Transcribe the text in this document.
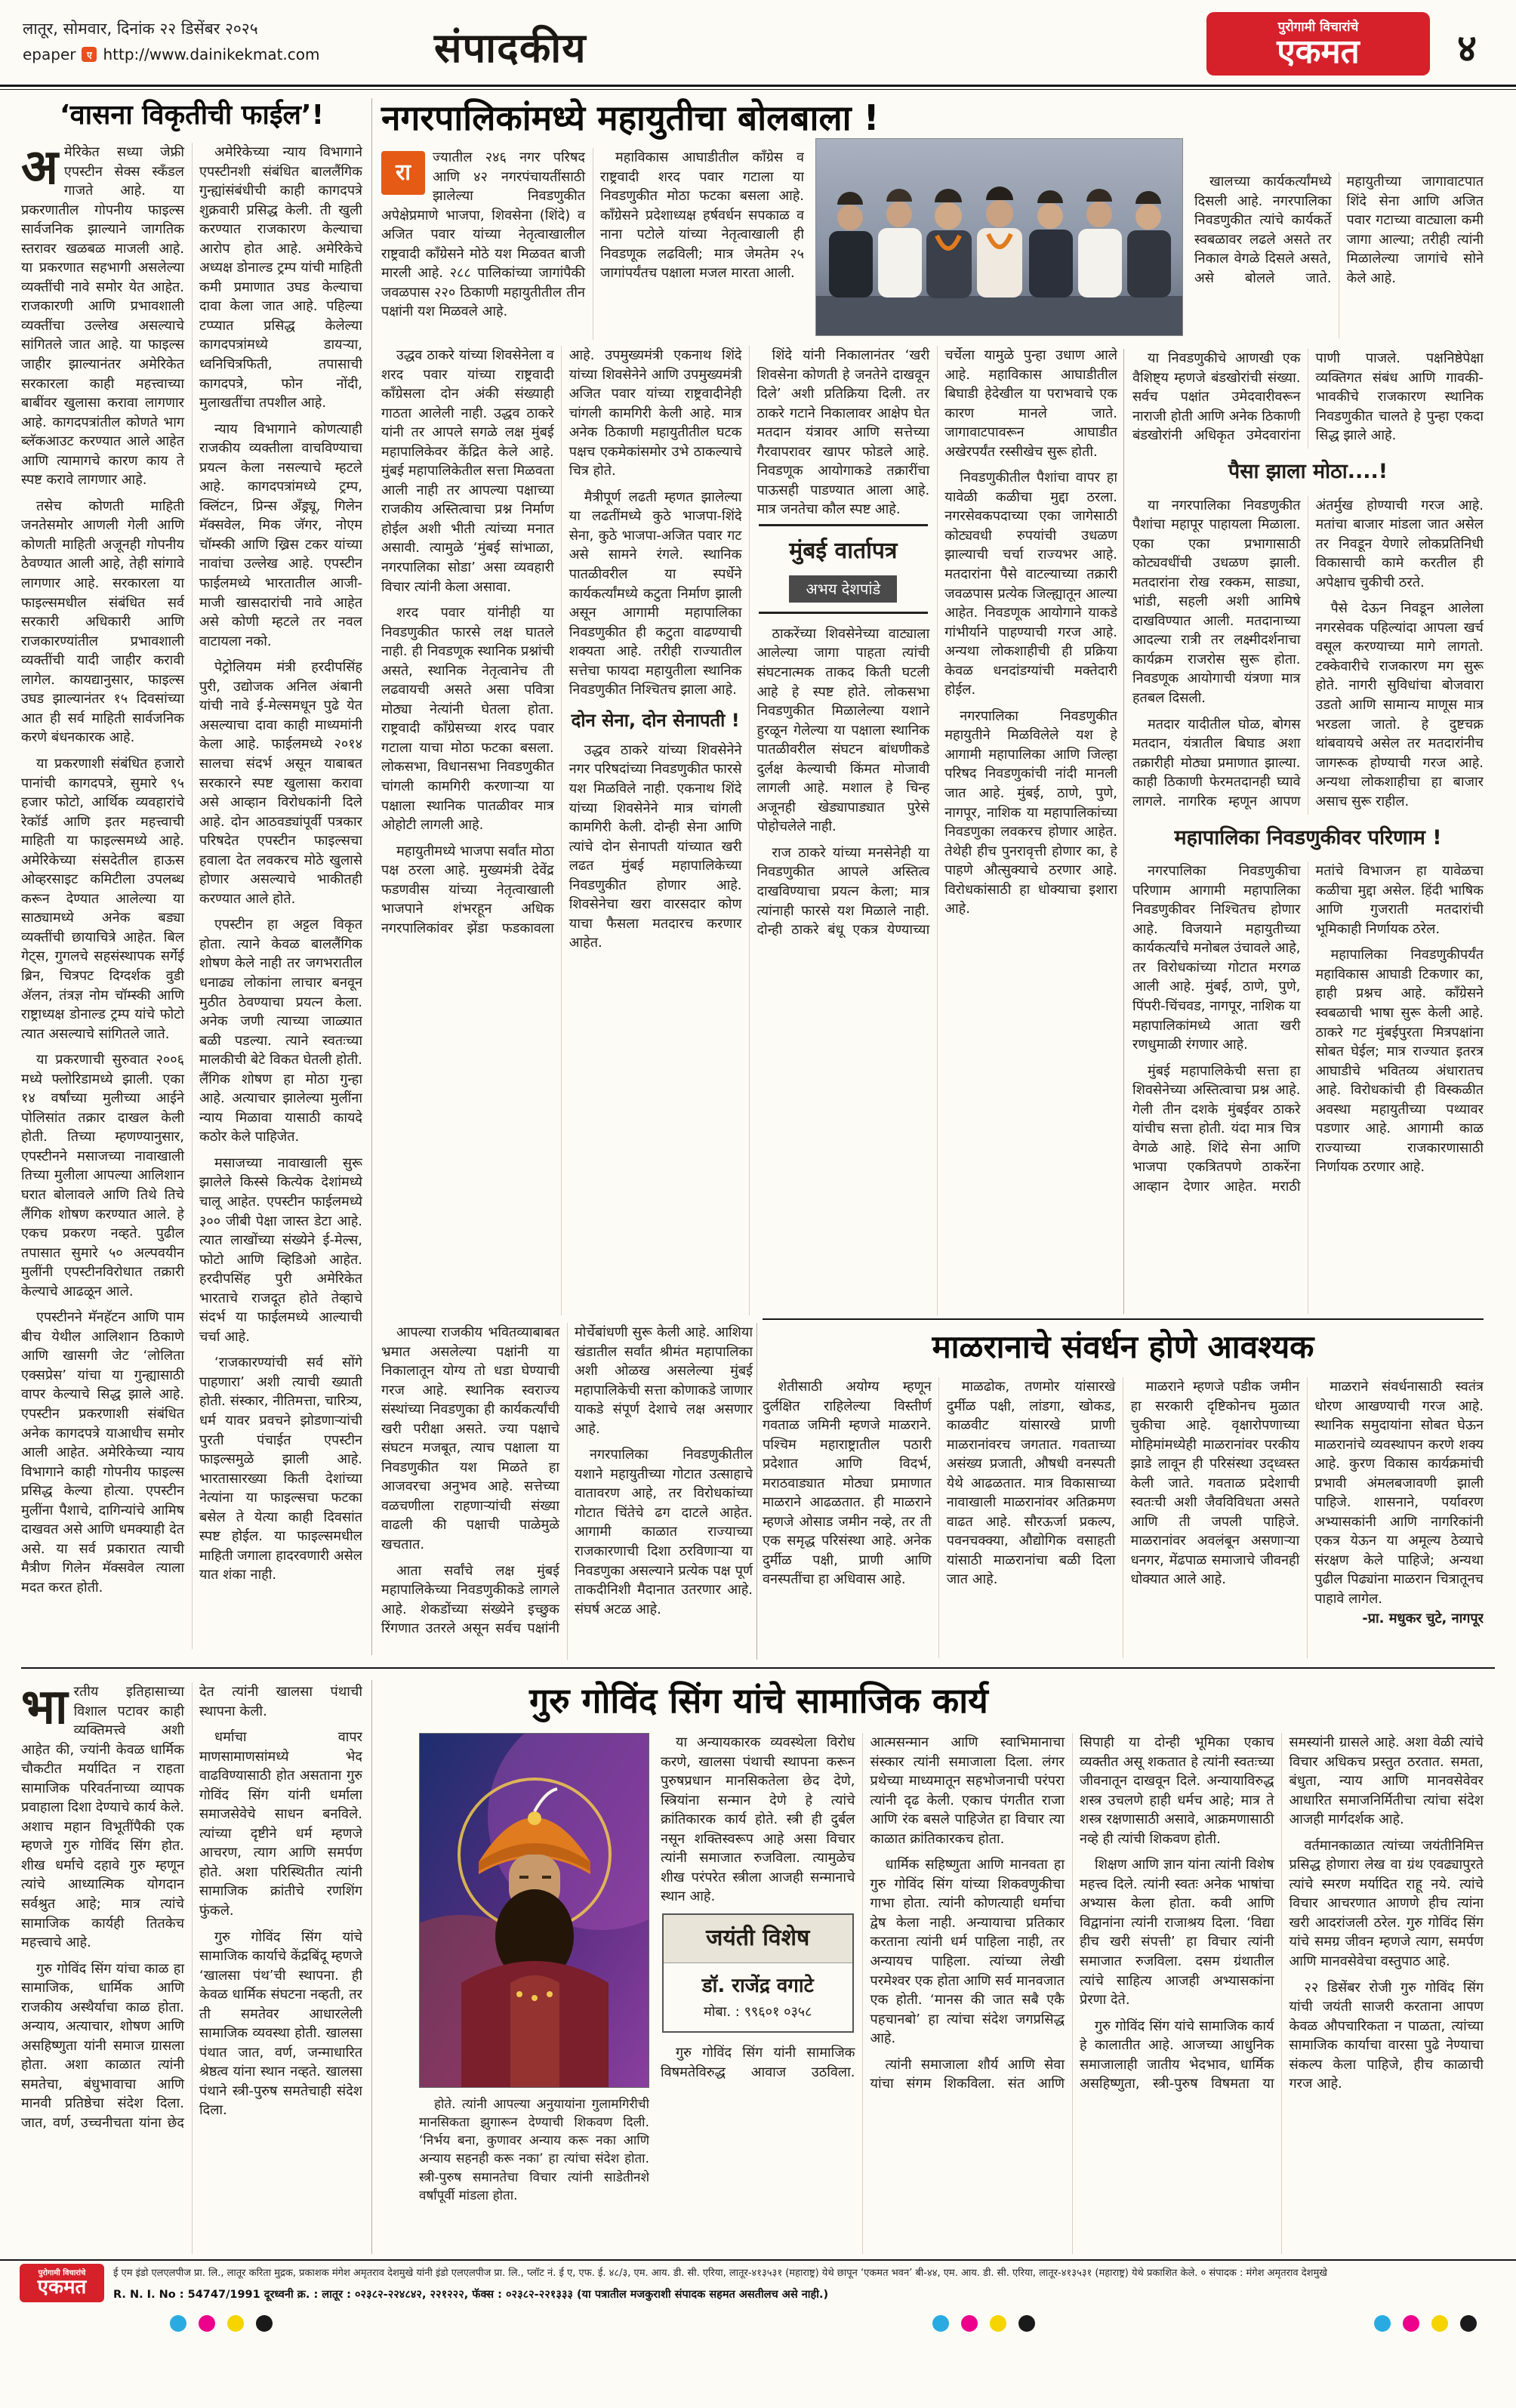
लातूर, सोमवार, दिनांक २२ डिसेंबर २०२५
epaper	ए http://www.dainikekmat.com	संपादकीय	पुरोगामी विचारांचे
एकमत	४
‘वासना विकृतीची फाईल’!

अमेरिकेत सध्या जेफ्री एपस्टीन सेक्स स्कँडल गाजते आहे. या प्रकरणातील गोपनीय फाइल्स सार्वजनिक झाल्याने जागतिक स्तरावर खळबळ माजली आहे. या प्रकरणात सहभागी असलेल्या व्यक्तींची नावे समोर येत आहेत. राजकारणी आणि प्रभावशाली व्यक्तींचा उल्लेख असल्याचे सांगितले जात आहे. या फाइल्स जाहीर झाल्यानंतर अमेरिकेत सरकारला काही महत्त्वाच्या बाबींवर खुलासा करावा लागणार आहे. कागदपत्रांतील कोणते भाग ब्लॅकआउट करण्यात आले आहेत आणि त्यामागचे कारण काय ते स्पष्ट करावे लागणार आहे.

तसेच कोणती माहिती जनतेसमोर आणली गेली आणि कोणती माहिती अजूनही गोपनीय ठेवण्यात आली आहे, तेही सांगावे लागणार आहे. सरकारला या फाइल्समधील संबंधित सर्व सरकारी अधिकारी आणि राजकारण्यांतील प्रभावशाली व्यक्तींची यादी जाहीर करावी लागेल. कायद्यानुसार, फाइल्स उघड झाल्यानंतर १५ दिवसांच्या आत ही सर्व माहिती सार्वजनिक करणे बंधनकारक आहे.

या प्रकरणाशी संबंधित हजारो पानांची कागदपत्रे, सुमारे ९५ हजार फोटो, आर्थिक व्यवहारांचे रेकॉर्ड आणि इतर महत्त्वाची माहिती या फाइल्समध्ये आहे. अमेरिकेच्या संसदेतील हाऊस ओव्हरसाइट कमिटीला उपलब्ध करून देण्यात आलेल्या या साठ्यामध्ये अनेक बड्या व्यक्तींची छायाचित्रे आहेत. बिल गेट्स, गुगलचे सहसंस्थापक सर्गेई ब्रिन, चित्रपट दिग्दर्शक वुडी अ‍ॅलन, तंत्रज्ञ नोम चॉम्स्की आणि राष्ट्राध्यक्ष डोनाल्ड ट्रम्प यांचे फोटो त्यात असल्याचे सांगितले जाते.

या प्रकरणाची सुरुवात २००६ मध्ये फ्लोरिडामध्ये झाली. एका १४ वर्षांच्या मुलीच्या आईने पोलिसांत तक्रार दाखल केली होती. तिच्या म्हणण्यानुसार, एपस्टीनने मसाजच्या नावाखाली तिच्या मुलीला आपल्या आलिशान घरात बोलावले आणि तिथे तिचे लैंगिक शोषण करण्यात आले. हे एकच प्रकरण नव्हते. पुढील तपासात सुमारे ५० अल्पवयीन मुलींनी एपस्टीनविरोधात तक्रारी केल्याचे आढळून आले.

एपस्टीनने मॅनहॅटन आणि पाम बीच येथील आलिशान ठिकाणे आणि खासगी जेट ‘लोलिता एक्सप्रेस’ यांचा या गुन्ह्यासाठी वापर केल्याचे सिद्ध झाले आहे. एपस्टीन प्रकरणाशी संबंधित अनेक कागदपत्रे याआधीच समोर आली आहेत. अमेरिकेच्या न्याय विभागाने काही गोपनीय फाइल्स प्रसिद्ध केल्या होत्या. एपस्टीन मुलींना पैशाचे, दागिन्यांचे आमिष दाखवत असे आणि धमक्याही देत असे. या सर्व प्रकारात त्याची मैत्रीण गिलेन मॅक्सवेल त्याला मदत करत होती.

अमेरिकेच्या न्याय विभागाने एपस्टीनशी संबंधित बाललैंगिक गुन्ह्यांसंबंधीची काही कागदपत्रे शुक्रवारी प्रसिद्ध केली. ती खुली करण्यात राजकारण केल्याचा आरोप होत आहे. अमेरिकेचे अध्यक्ष डोनाल्ड ट्रम्प यांची माहिती कमी प्रमाणात उघड केल्याचा दावा केला जात आहे. पहिल्या टप्प्यात प्रसिद्ध केलेल्या कागदपत्रांमध्ये डायऱ्या, ध्वनिचित्रफिती, तपासाची कागदपत्रे, फोन नोंदी, मुलाखतींचा तपशील आहे.

न्याय विभागाने कोणत्याही राजकीय व्यक्तीला वाचविण्याचा प्रयत्न केला नसल्याचे म्हटले आहे. कागदपत्रांमध्ये ट्रम्प, क्लिंटन, प्रिन्स अँड्र्यू, गिलेन मॅक्सवेल, मिक जॅगर, नोएम चॉम्स्की आणि ख्रिस टकर यांच्या नावांचा उल्लेख आहे. एपस्टीन फाईलमध्ये भारतातील आजी-माजी खासदारांची नावे आहेत असे कोणी म्हटले तर नवल वाटायला नको.

पेट्रोलियम मंत्री हरदीपसिंह पुरी, उद्योजक अनिल अंबानी यांची नावे ई-मेल्समधून पुढे येत असल्याचा दावा काही माध्यमांनी केला आहे. फाईलमध्ये २०१४ सालचा संदर्भ असून याबाबत सरकारने स्पष्ट खुलासा करावा असे आव्हान विरोधकांनी दिले आहे. दोन आठवड्यांपूर्वी पत्रकार परिषदेत एपस्टीन फाइल्सचा हवाला देत लवकरच मोठे खुलासे होणार असल्याचे भाकीतही करण्यात आले होते.

एपस्टीन हा अट्टल विकृत होता. त्याने केवळ बाललैंगिक शोषण केले नाही तर जगभरातील धनाढ्य लोकांना लाचार बनवून मुठीत ठेवण्याचा प्रयत्न केला. अनेक जणी त्याच्या जाळ्यात बळी पडल्या. त्याने स्वतःच्या मालकीची बेटे विकत घेतली होती. लैंगिक शोषण हा मोठा गुन्हा आहे. अत्याचार झालेल्या मुलींना न्याय मिळावा यासाठी कायदे कठोर केले पाहिजेत.

मसाजच्या नावाखाली सुरू झालेले किस्से कित्येक देशांमध्ये चालू आहेत. एपस्टीन फाईलमध्ये ३०० जीबी पेक्षा जास्त डेटा आहे. त्यात लाखोंच्या संख्येने ई-मेल्स, फोटो आणि व्हिडिओ आहेत. हरदीपसिंह पुरी अमेरिकेत भारताचे राजदूत होते तेव्हाचे संदर्भ या फाईलमध्ये आल्याची चर्चा आहे.

‘राजकारण्यांची सर्व सोंगे पाहणारा’ अशी त्याची ख्याती होती. संस्कार, नीतिमत्ता, चारित्र्य, धर्म यावर प्रवचने झोडणाऱ्यांची पुरती पंचाईत एपस्टीन फाइल्समुळे झाली आहे. भारतासारख्या किती देशांच्या नेत्यांना या फाइल्सचा फटका बसेल ते येत्या काही दिवसांत स्पष्ट होईल. या फाइल्समधील माहिती जगाला हादरवणारी असेल यात शंका नाही.

नगरपालिकांमध्ये महायुतीचा बोलबाला !

रा
ज्यातील २४६ नगर परिषद आणि ४२ नगरपंचायतींसाठी झालेल्या निवडणुकीत अपेक्षेप्रमाणे भाजपा, शिवसेना (शिंदे) व अजित पवार यांच्या नेतृत्वाखालील राष्ट्रवादी काँग्रेसने मोठे यश मिळवत बाजी मारली आहे. २८८ पालिकांच्या जागांपैकी जवळपास २२० ठिकाणी महायुतीतील तीन पक्षांनी यश मिळवले आहे.

महाविकास आघाडीतील काँग्रेस व राष्ट्रवादी शरद पवार गटाला या निवडणुकीत मोठा फटका बसला आहे. काँग्रेसने प्रदेशाध्यक्ष हर्षवर्धन सपकाळ व नाना पटोले यांच्या नेतृत्वाखाली ही निवडणूक लढविली; मात्र जेमतेम २५ जागांपर्यंतच पक्षाला मजल मारता आली.

उद्धव ठाकरे यांच्या शिवसेनेला व शरद पवार यांच्या राष्ट्रवादी काँग्रेसला दोन अंकी संख्याही गाठता आलेली नाही. उद्धव ठाकरे यांनी तर आपले सगळे लक्ष मुंबई महापालिकेवर केंद्रित केले आहे. मुंबई महापालिकेतील सत्ता मिळवता आली नाही तर आपल्या पक्षाच्या राजकीय अस्तित्वाचा प्रश्न निर्माण होईल अशी भीती त्यांच्या मनात असावी. त्यामुळे ‘मुंबई सांभाळा, नगरपालिका सोडा’ असा व्यवहारी विचार त्यांनी केला असावा.

शरद पवार यांनीही या निवडणुकीत फारसे लक्ष घातले नाही. ही निवडणूक स्थानिक प्रश्नांची असते, स्थानिक नेतृत्वानेच ती लढवायची असते असा पवित्रा मोठ्या नेत्यांनी घेतला होता. राष्ट्रवादी काँग्रेसच्या शरद पवार गटाला याचा मोठा फटका बसला. लोकसभा, विधानसभा निवडणुकीत चांगली कामगिरी करणाऱ्या या पक्षाला स्थानिक पातळीवर मात्र ओहोटी लागली आहे.

महायुतीमध्ये भाजपा सर्वांत मोठा पक्ष ठरला आहे. मुख्यमंत्री देवेंद्र फडणवीस यांच्या नेतृत्वाखाली भाजपाने शंभरहून अधिक नगरपालिकांवर झेंडा फडकावला आहे. उपमुख्यमंत्री एकनाथ शिंदे यांच्या शिवसेनेने आणि उपमुख्यमंत्री अजित पवार यांच्या राष्ट्रवादीनेही चांगली कामगिरी केली आहे. मात्र अनेक ठिकाणी महायुतीतील घटक पक्षच एकमेकांसमोर उभे ठाकल्याचे चित्र होते.

मैत्रीपूर्ण लढती म्हणत झालेल्या या लढतींमध्ये कुठे भाजपा-शिंदे सेना, कुठे भाजपा-अजित पवार गट असे सामने रंगले. स्थानिक पातळीवरील या स्पर्धेने कार्यकर्त्यांमध्ये कटुता निर्माण झाली असून आगामी महापालिका निवडणुकीत ही कटुता वाढण्याची शक्यता आहे. तरीही राज्यातील सत्तेचा फायदा महायुतीला स्थानिक निवडणुकीत निश्चितच झाला आहे.

दोन सेना, दोन सेनापती !

उद्धव ठाकरे यांच्या शिवसेनेने नगर परिषदांच्या निवडणुकीत फारसे यश मिळविले नाही. एकनाथ शिंदे यांच्या शिवसेनेने मात्र चांगली कामगिरी केली. दोन्ही सेना आणि त्यांचे दोन सेनापती यांच्यात खरी लढत मुंबई महापालिकेच्या निवडणुकीत होणार आहे. शिवसेनेचा खरा वारसदार कोण याचा फैसला मतदारच करणार आहेत.

शिंदे यांनी निकालानंतर ‘खरी शिवसेना कोणती हे जनतेने दाखवून दिले’ अशी प्रतिक्रिया दिली. तर ठाकरे गटाने निकालावर आक्षेप घेत मतदान यंत्रावर आणि सत्तेच्या गैरवापरावर खापर फोडले आहे. निवडणूक आयोगाकडे तक्रारींचा पाऊसही पाडण्यात आला आहे. मात्र जनतेचा कौल स्पष्ट आहे.

मुंबई वार्तापत्र
अभय देशपांडे

ठाकरेंच्या शिवसेनेच्या वाट्याला आलेल्या जागा पाहता त्यांची संघटनात्मक ताकद किती घटली आहे हे स्पष्ट होते. लोकसभा निवडणुकीत मिळालेल्या यशाने हुरळून गेलेल्या या पक्षाला स्थानिक पातळीवरील संघटन बांधणीकडे दुर्लक्ष केल्याची किंमत मोजावी लागली आहे. मशाल हे चिन्ह अजूनही खेड्यापाड्यात पुरेसे पोहोचलेले नाही.

राज ठाकरे यांच्या मनसेनेही या निवडणुकीत आपले अस्तित्व दाखविण्याचा प्रयत्न केला; मात्र त्यांनाही फारसे यश मिळाले नाही. दोन्ही ठाकरे बंधू एकत्र येण्याच्या चर्चेला यामुळे पुन्हा उधाण आले आहे. महाविकास आघाडीतील बिघाडी हेदेखील या पराभवाचे एक कारण मानले जाते. जागावाटपावरून आघाडीत अखेरपर्यंत रस्सीखेच सुरू होती.

निवडणुकीतील पैशांचा वापर हा यावेळी कळीचा मुद्दा ठरला. नगरसेवकपदाच्या एका जागेसाठी कोट्यवधी रुपयांची उधळण झाल्याची चर्चा राज्यभर आहे. मतदारांना पैसे वाटल्याच्या तक्रारी जवळपास प्रत्येक जिल्ह्यातून आल्या आहेत. निवडणूक आयोगाने याकडे गांभीर्याने पाहण्याची गरज आहे. अन्यथा लोकशाहीची ही प्रक्रिया केवळ धनदांडग्यांची मक्तेदारी होईल.

नगरपालिका निवडणुकीत महायुतीने मिळविलेले यश हे आगामी महापालिका आणि जिल्हा परिषद निवडणुकांची नांदी मानली जात आहे. मुंबई, ठाणे, पुणे, नागपूर, नाशिक या महापालिकांच्या निवडणुका लवकरच होणार आहेत. तेथेही हीच पुनरावृत्ती होणार का, हे पाहणे औत्सुक्याचे ठरणार आहे. विरोधकांसाठी हा धोक्याचा इशारा आहे.

आपल्या राजकीय भवितव्याबाबत भ्रमात असलेल्या पक्षांनी या निकालातून योग्य तो धडा घेण्याची गरज आहे. स्थानिक स्वराज्य संस्थांच्या निवडणुका ही कार्यकर्त्यांची खरी परीक्षा असते. ज्या पक्षाचे संघटन मजबूत, त्याच पक्षाला या निवडणुकीत यश मिळते हा आजवरचा अनुभव आहे. सत्तेच्या वळचणीला राहणाऱ्यांची संख्या वाढली की पक्षाची पाळेमुळे खचतात.

आता सर्वांचे लक्ष मुंबई महापालिकेच्या निवडणुकीकडे लागले आहे. शेकडोंच्या संख्येने इच्छुक रिंगणात उतरले असून सर्वच पक्षांनी मोर्चेबांधणी सुरू केली आहे. आशिया खंडातील सर्वांत श्रीमंत महापालिका अशी ओळख असलेल्या मुंबई महापालिकेची सत्ता कोणाकडे जाणार याकडे संपूर्ण देशाचे लक्ष असणार आहे.

नगरपालिका निवडणुकीतील यशाने महायुतीच्या गोटात उत्साहाचे वातावरण आहे, तर विरोधकांच्या गोटात चिंतेचे ढग दाटले आहेत. आगामी काळात राज्याच्या राजकारणाची दिशा ठरविणाऱ्या या निवडणुका असल्याने प्रत्येक पक्ष पूर्ण ताकदीनिशी मैदानात उतरणार आहे. संघर्ष अटळ आहे.

खालच्या कार्यकर्त्यांमध्ये दिसली आहे. नगरपालिका निवडणुकीत त्यांचे कार्यकर्ते स्वबळावर लढले असते तर निकाल वेगळे दिसले असते, असे बोलले जाते. महायुतीच्या जागावाटपात शिंदे सेना आणि अजित पवार गटाच्या वाट्याला कमी जागा आल्या; तरीही त्यांनी मिळालेल्या जागांचे सोने केले आहे.

या निवडणुकीचे आणखी एक वैशिष्ट्य म्हणजे बंडखोरांची संख्या. सर्वच पक्षांत उमेदवारीवरून नाराजी होती आणि अनेक ठिकाणी बंडखोरांनी अधिकृत उमेदवारांना पाणी पाजले. पक्षनिष्ठेपेक्षा व्यक्तिगत संबंध आणि गावकी-भावकीचे राजकारण स्थानिक निवडणुकीत चालते हे पुन्हा एकदा सिद्ध झाले आहे.

पैसा झाला मोठा....!

या नगरपालिका निवडणुकीत पैशांचा महापूर पाहायला मिळाला. एका एका प्रभागासाठी कोट्यवधींची उधळण झाली. मतदारांना रोख रक्कम, साड्या, भांडी, सहली अशी आमिषे दाखविण्यात आली. मतदानाच्या आदल्या रात्री तर लक्ष्मीदर्शनाचा कार्यक्रम राजरोस सुरू होता. निवडणूक आयोगाची यंत्रणा मात्र हतबल दिसली.

मतदार यादीतील घोळ, बोगस मतदान, यंत्रातील बिघाड अशा तक्रारीही मोठ्या प्रमाणात झाल्या. काही ठिकाणी फेरमतदानही घ्यावे लागले. नागरिक म्हणून आपण अंतर्मुख होण्याची गरज आहे. मतांचा बाजार मांडला जात असेल तर निवडून येणारे लोकप्रतिनिधी विकासाची कामे करतील ही अपेक्षाच चुकीची ठरते.

पैसे देऊन निवडून आलेला नगरसेवक पहिल्यांदा आपला खर्च वसूल करण्याच्या मागे लागतो. टक्केवारीचे राजकारण मग सुरू होते. नागरी सुविधांचा बोजवारा उडतो आणि सामान्य माणूस मात्र भरडला जातो. हे दुष्टचक्र थांबवायचे असेल तर मतदारांनीच जागरूक होण्याची गरज आहे. अन्यथा लोकशाहीचा हा बाजार असाच सुरू राहील.

महापालिका निवडणुकीवर परिणाम !

नगरपालिका निवडणुकीचा परिणाम आगामी महापालिका निवडणुकीवर निश्चितच होणार आहे. विजयाने महायुतीच्या कार्यकर्त्यांचे मनोबल उंचावले आहे, तर विरोधकांच्या गोटात मरगळ आली आहे. मुंबई, ठाणे, पुणे, पिंपरी-चिंचवड, नागपूर, नाशिक या महापालिकांमध्ये आता खरी रणधुमाळी रंगणार आहे.

मुंबई महापालिकेची सत्ता हा शिवसेनेच्या अस्तित्वाचा प्रश्न आहे. गेली तीन दशके मुंबईवर ठाकरे यांचीच सत्ता होती. यंदा मात्र चित्र वेगळे आहे. शिंदे सेना आणि भाजपा एकत्रितपणे ठाकरेंना आव्हान देणार आहेत. मराठी मतांचे विभाजन हा यावेळचा कळीचा मुद्दा असेल. हिंदी भाषिक आणि गुजराती मतदारांची भूमिकाही निर्णायक ठरेल.

महापालिका निवडणुकीपर्यंत महाविकास आघाडी टिकणार का, हाही प्रश्नच आहे. काँग्रेसने स्वबळाची भाषा सुरू केली आहे. ठाकरे गट मुंबईपुरता मित्रपक्षांना सोबत घेईल; मात्र राज्यात इतरत्र आघाडीचे भवितव्य अंधारातच आहे. विरोधकांची ही विस्कळीत अवस्था महायुतीच्या पथ्यावर पडणार आहे. आगामी काळ राज्याच्या राजकारणासाठी निर्णायक ठरणार आहे.

माळरानाचे संवर्धन होणे आवश्यक

शेतीसाठी अयोग्य म्हणून दुर्लक्षित राहिलेल्या विस्तीर्ण गवताळ जमिनी म्हणजे माळराने. पश्चिम महाराष्ट्रातील पठारी प्रदेशात आणि विदर्भ, मराठवाड्यात मोठ्या प्रमाणात माळराने आढळतात. ही माळराने म्हणजे ओसाड जमीन नव्हे, तर ती एक समृद्ध परिसंस्था आहे. अनेक दुर्मीळ पक्षी, प्राणी आणि वनस्पतींचा हा अधिवास आहे.

माळढोक, तणमोर यांसारखे दुर्मीळ पक्षी, लांडगा, खोकड, काळवीट यांसारखे प्राणी माळरानांवरच जगतात. गवताच्या असंख्य प्रजाती, औषधी वनस्पती येथे आढळतात. मात्र विकासाच्या नावाखाली माळरानांवर अतिक्रमण वाढत आहे. सौरऊर्जा प्रकल्प, पवनचक्क्या, औद्योगिक वसाहती यांसाठी माळरानांचा बळी दिला जात आहे.

माळराने म्हणजे पडीक जमीन हा सरकारी दृष्टिकोनच मुळात चुकीचा आहे. वृक्षारोपणाच्या मोहिमांमध्येही माळरानांवर परकीय झाडे लावून ही परिसंस्था उद्ध्वस्त केली जाते. गवताळ प्रदेशाची स्वतःची अशी जैवविविधता असते आणि ती जपली पाहिजे. माळरानांवर अवलंबून असणाऱ्या धनगर, मेंढपाळ समाजाचे जीवनही धोक्यात आले आहे.

माळराने संवर्धनासाठी स्वतंत्र धोरण आखण्याची गरज आहे. स्थानिक समुदायांना सोबत घेऊन माळरानांचे व्यवस्थापन करणे शक्य आहे. कुरण विकास कार्यक्रमांची प्रभावी अंमलबजावणी झाली पाहिजे. शासनाने, पर्यावरण अभ्यासकांनी आणि नागरिकांनी एकत्र येऊन या अमूल्य ठेव्याचे संरक्षण केले पाहिजे; अन्यथा पुढील पिढ्यांना माळरान चित्रातूनच पाहावे लागेल.

-प्रा. मधुकर चुटे, नागपूर

गुरु गोविंद सिंग यांचे सामाजिक कार्य

भारतीय इतिहासाच्या विशाल पटावर काही व्यक्तिमत्त्वे अशी आहेत की, ज्यांनी केवळ धार्मिक चौकटीत मर्यादित न राहता सामाजिक परिवर्तनाच्या व्यापक प्रवाहाला दिशा देण्याचे कार्य केले. अशाच महान विभूतींपैकी एक म्हणजे गुरु गोविंद सिंग होत. शीख धर्माचे दहावे गुरु म्हणून त्यांचे आध्यात्मिक योगदान सर्वश्रुत आहे; मात्र त्यांचे सामाजिक कार्यही तितकेच महत्त्वाचे आहे.

गुरु गोविंद सिंग यांचा काळ हा सामाजिक, धार्मिक आणि राजकीय अस्थैर्याचा काळ होता. अन्याय, अत्याचार, शोषण आणि असहिष्णुता यांनी समाज ग्रासला होता. अशा काळात त्यांनी समतेचा, बंधुभावाचा आणि मानवी प्रतिष्ठेचा संदेश दिला. जात, वर्ण, उच्चनीचता यांना छेद देत त्यांनी खालसा पंथाची स्थापना केली.

धर्माचा वापर माणसामाणसांमध्ये भेद वाढविण्यासाठी होत असताना गुरु गोविंद सिंग यांनी धर्माला समाजसेवेचे साधन बनविले. त्यांच्या दृष्टीने धर्म म्हणजे आचरण, त्याग आणि समर्पण होते. अशा परिस्थितीत त्यांनी सामाजिक क्रांतीचे रणशिंग फुंकले.

गुरु गोविंद सिंग यांचे सामाजिक कार्याचे केंद्रबिंदू म्हणजे ‘खालसा पंथ’ची स्थापना. ही केवळ धार्मिक संघटना नव्हती, तर ती समतेवर आधारलेली सामाजिक व्यवस्था होती. खालसा पंथात जात, वर्ण, जन्माधारित श्रेष्ठत्व यांना स्थान नव्हते. खालसा पंथाने स्त्री-पुरुष समतेचाही संदेश दिला.	होते. त्यांनी आपल्या अनुयायांना गुलामगिरीची मानसिकता झुगारून देण्याची शिकवण दिली. ‘निर्भय बना, कुणावर अन्याय करू नका आणि अन्याय सहनही करू नका’ हा त्यांचा संदेश होता. स्त्री-पुरुष समानतेचा विचार त्यांनी साडेतीनशे वर्षांपूर्वी मांडला होता.

या अन्यायकारक व्यवस्थेला विरोध करणे, खालसा पंथाची स्थापना करून पुरुषप्रधान मानसिकतेला छेद देणे, स्त्रियांना सन्मान देणे हे त्यांचे क्रांतिकारक कार्य होते. स्त्री ही दुर्बल नसून शक्तिस्वरूप आहे असा विचार त्यांनी समाजात रुजविला. त्यामुळेच शीख परंपरेत स्त्रीला आजही सन्मानाचे स्थान आहे.

जयंती विशेष
डॉ. राजेंद्र वगाटे
मोबा. : ९९६०१ ०३५८

गुरु गोविंद सिंग यांनी सामाजिक विषमतेविरुद्ध आवाज उठविला. आत्मसन्मान आणि स्वाभिमानाचा संस्कार त्यांनी समाजाला दिला. लंगर प्रथेच्या माध्यमातून सहभोजनाची परंपरा त्यांनी दृढ केली. एकाच पंगतीत राजा आणि रंक बसले पाहिजेत हा विचार त्या काळात क्रांतिकारकच होता.

धार्मिक सहिष्णुता आणि मानवता हा गुरु गोविंद सिंग यांच्या शिकवणुकीचा गाभा होता. त्यांनी कोणत्याही धर्माचा द्वेष केला नाही. अन्यायाचा प्रतिकार करताना त्यांनी धर्म पाहिला नाही, तर अन्यायच पाहिला. त्यांच्या लेखी परमेश्वर एक होता आणि सर्व मानवजात एक होती. ‘मानस की जात सबै एकै पहचानबो’ हा त्यांचा संदेश जगप्रसिद्ध आहे.

त्यांनी समाजाला शौर्य आणि सेवा यांचा संगम शिकविला. संत आणि सिपाही या दोन्ही भूमिका एकाच व्यक्तीत असू शकतात हे त्यांनी स्वतःच्या जीवनातून दाखवून दिले. अन्यायाविरुद्ध शस्त्र उचलणे हाही धर्मच आहे; मात्र ते शस्त्र रक्षणासाठी असावे, आक्रमणासाठी नव्हे ही त्यांची शिकवण होती.

शिक्षण आणि ज्ञान यांना त्यांनी विशेष महत्त्व दिले. त्यांनी स्वतः अनेक भाषांचा अभ्यास केला होता. कवी आणि विद्वानांना त्यांनी राजाश्रय दिला. ‘विद्या हीच खरी संपत्ती’ हा विचार त्यांनी समाजात रुजविला. दसम ग्रंथातील त्यांचे साहित्य आजही अभ्यासकांना प्रेरणा देते.

गुरु गोविंद सिंग यांचे सामाजिक कार्य हे कालातीत आहे. आजच्या आधुनिक समाजालाही जातीय भेदभाव, धार्मिक असहिष्णुता, स्त्री-पुरुष विषमता या समस्यांनी ग्रासले आहे. अशा वेळी त्यांचे विचार अधिकच प्रस्तुत ठरतात. समता, बंधुता, न्याय आणि मानवसेवेवर आधारित समाजनिर्मितीचा त्यांचा संदेश आजही मार्गदर्शक आहे.

वर्तमानकाळात त्यांच्या जयंतीनिमित्त प्रसिद्ध होणारा लेख वा ग्रंथ एवढ्यापुरते त्यांचे स्मरण मर्यादित राहू नये. त्यांचे विचार आचरणात आणणे हीच त्यांना खरी आदरांजली ठरेल. गुरु गोविंद सिंग यांचे समग्र जीवन म्हणजे त्याग, समर्पण आणि मानवसेवेचा वस्तुपाठ आहे.

२२ डिसेंबर रोजी गुरु गोविंद सिंग यांची जयंती साजरी करताना आपण केवळ औपचारिकता न पाळता, त्यांच्या सामाजिक कार्याचा वारसा पुढे नेण्याचा संकल्प केला पाहिजे, हीच काळाची गरज आहे.

पुरोगामी विचारांचे
एकमत
ई एम इंडो एलएलपीज प्रा. लि., लातूर करिता मुद्रक, प्रकाशक मंगेश अमृतराव देशमुखे यांनी इंडो एलएलपीज प्रा. लि., प्लॉट नं. ई ए, एफ. ई. ४८/३, एम. आय. डी. सी. एरिया, लातूर-४१३५३१ (महाराष्ट्र) येथे छापून ‘एकमत भवन’ बी-४४, एम. आय. डी. सी. एरिया, लातूर-४१३५३१ (महाराष्ट्र) येथे प्रकाशित केले. ० संपादक : मंगेश अमृतराव देशमुखे
R. N. I. No : 54747/1991 दूरध्वनी क्र. : लातूर : ०२३८२-२२४८४२, २२१२२२, फॅक्स : ०२३८२-२२१३३३ (या पत्रातील मजकुराशी संपादक सहमत असतीलच असे नाही.)
